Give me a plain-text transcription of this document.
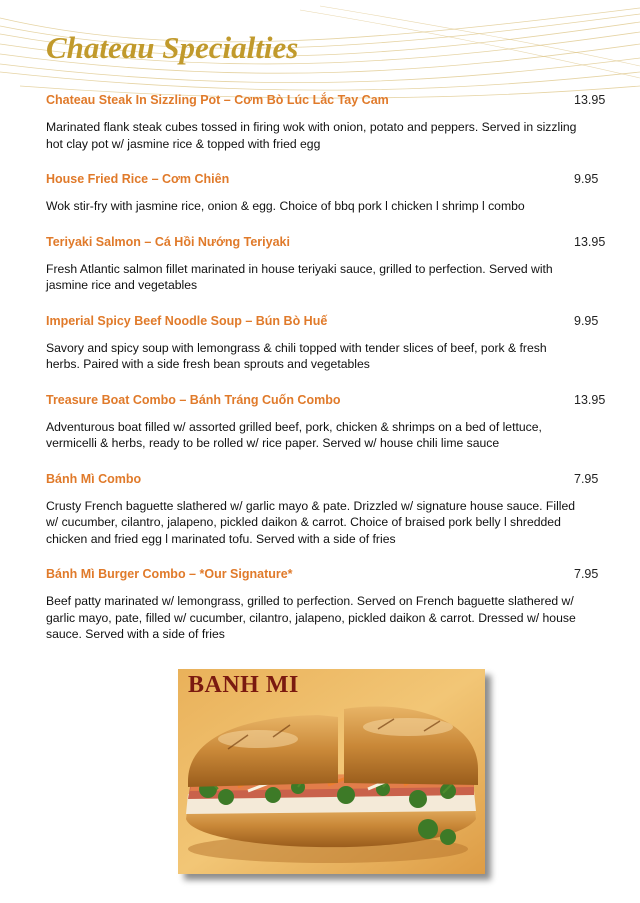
Chateau Specialties
Chateau Steak In Sizzling Pot – Cơm Bò Lúc Lắc Tay Cam	13.95
Marinated flank steak cubes tossed in firing wok with onion, potato and peppers. Served in sizzling hot clay pot w/ jasmine rice & topped with fried egg
House Fried Rice – Cơm Chiên	9.95
Wok stir-fry with jasmine rice, onion & egg. Choice of bbq pork l chicken l shrimp l combo
Teriyaki Salmon – Cá Hồi Nướng Teriyaki	13.95
Fresh Atlantic salmon fillet marinated in house teriyaki sauce, grilled to perfection. Served with jasmine rice and vegetables
Imperial Spicy Beef Noodle Soup – Bún Bò Huế	9.95
Savory and spicy soup with lemongrass & chili topped with tender slices of beef, pork & fresh herbs. Paired with a side fresh bean sprouts and vegetables
Treasure Boat Combo – Bánh Tráng Cuốn Combo	13.95
Adventurous boat filled w/ assorted grilled beef, pork, chicken & shrimps on a bed of lettuce, vermicelli & herbs, ready to be rolled w/ rice paper. Served w/ house chili lime sauce
Bánh Mì Combo	7.95
Crusty French baguette slathered w/ garlic mayo & pate. Drizzled w/ signature house sauce. Filled w/ cucumber, cilantro, jalapeno, pickled daikon & carrot. Choice of braised pork belly l shredded chicken and fried egg l marinated tofu. Served with a side of fries
Bánh Mì Burger Combo – *Our Signature*	7.95
Beef patty marinated w/ lemongrass, grilled to perfection. Served on French baguette slathered w/ garlic mayo, pate, filled w/ cucumber, cilantro, jalapeno, pickled daikon & carrot. Dressed w/ house sauce. Served with a side of fries
BANH MI
